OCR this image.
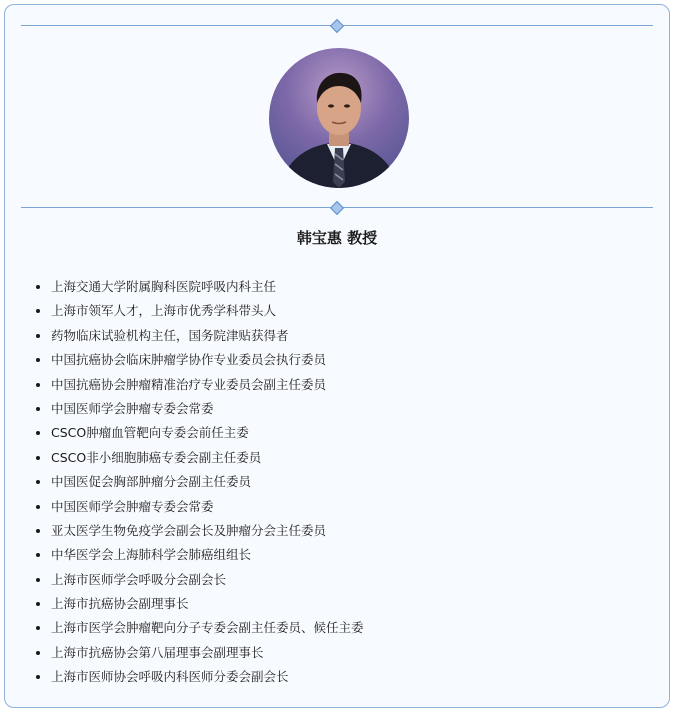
韩宝惠 教授
• 上海交通大学附属胸科医院呼吸内科主任
• 上海市领军人才，上海市优秀学科带头人
• 药物临床试验机构主任，国务院津贴获得者
• 中国抗癌协会临床肿瘤学协作专业委员会执行委员
• 中国抗癌协会肿瘤精准治疗专业委员会副主任委员
• 中国医师学会肿瘤专委会常委
• CSCO肿瘤血管靶向专委会前任主委
• CSCO非小细胞肺癌专委会副主任委员
• 中国医促会胸部肿瘤分会副主任委员
• 中国医师学会肿瘤专委会常委
• 亚太医学生物免疫学会副会长及肿瘤分会主任委员
• 中华医学会上海肺科学会肺癌组组长
• 上海市医师学会呼吸分会副会长
• 上海市抗癌协会副理事长
• 上海市医学会肿瘤靶向分子专委会副主任委员、候任主委
• 上海市抗癌协会第八届理事会副理事长
• 上海市医师协会呼吸内科医师分委会副会长
